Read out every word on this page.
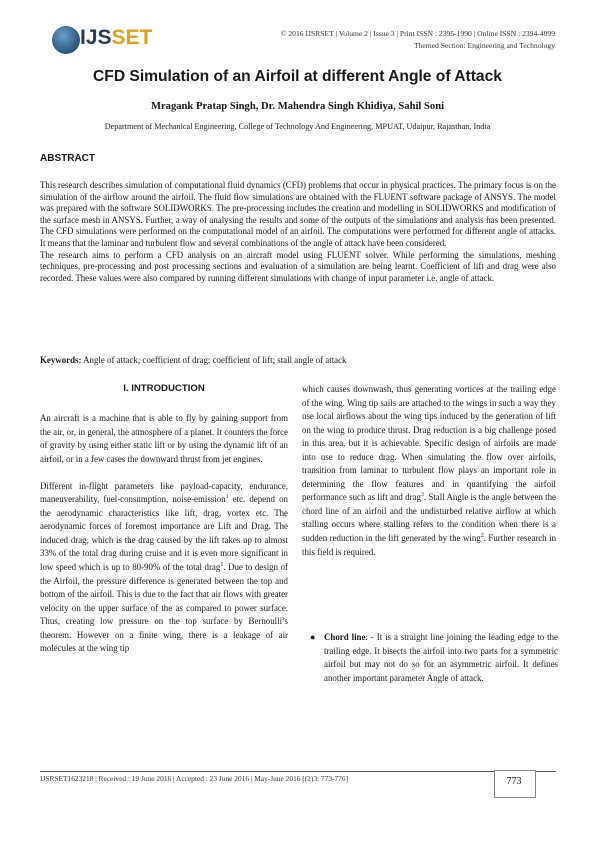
IJSSET	© 2016 IJSRSET | Volume 2 | Issue 3 | Print ISSN : 2395-1990 | Online ISSN : 2394-4099
Themed Section: Engineering and Technology
CFD Simulation of an Airfoil at different Angle of Attack
Mragank Pratap Singh, Dr. Mahendra Singh Khidiya, Sahil Soni
Department of Mechanical Engineering, College of Technology And Engineering, MPUAT, Udaipur, Rajasthan, India
ABSTRACT

This research describes simulation of computational fluid dynamics (CFD) problems that occur in physical practices. The primary focus is on the simulation of the airflow around the airfoil. The fluid flow simulations are obtained with the FLUENT software package of ANSYS. The model was prepared with the software SOLIDWORKS. The pre-processing includes the creation and modelling in SOLIDWORKS and modification of the surface mesh in ANSYS. Further, a way of analysing the results and some of the outputs of the simulations and analysis has been presented. The CFD simulations were performed on the computational model of an airfoil. The computations were performed for different angle of attacks. It means that the laminar and turbulent flow and several combinations of the angle of attack have been considered.

The research aims to perform a CFD analysis on an aircraft model using FLUENT solver. While performing the simulations, meshing techniques, pre-processing and post processing sections and evaluation of a simulation are being learnt. Coefficient of lift and drag were also recorded. These values were also compared by running different simulations with change of input parameter i.e. angle of attack.

Keywords: Angle of attack; coefficient of drag; coefficient of lift; stall angle of attack
I. INTRODUCTION

An aircraft is a machine that is able to fly by gaining support from the air, or, in general, the atmosphere of a planet. It counters the force of gravity by using either static lift or by using the dynamic lift of an airfoil, or in a few cases the downward thrust from jet engines.

Different in-flight parameters like payload-capacity, endurance, maneuverability, fuel-consumption, noise-emission$^1$ etc. depend on the aerodynamic characteristics like lift, drag, vortex etc. The aerodynamic forces of foremost importance are Lift and Drag. The induced drag, which is the drag caused by the lift takes up to almost 33% of the total drag during cruise and it is even more significant in low speed which is up to 80-90% of the total drag$^1$. Due to design of the Airfoil, the pressure difference is generated between the top and bottom of the airfoil. This is due to the fact that air flows with greater velocity on the upper surface of the as compared to power surface. Thus, creating low pressure on the top surface by Bernoulli’s theorem. However on a finite wing, there is a leakage of air molecules at the wing tip

which causes downwash, thus generating vortices at the trailing edge of the wing. Wing tip sails are attached to the wings in such a way they use local airflows about the wing tips induced by the generation of lift on the wing to produce thrust. Drag reduction is a big challenge posed in this area, but it is achievable. Specific design of airfoils are made into use to reduce drag. When simulating the flow over airfoils, transition from laminar to turbulent flow plays an important role in determining the flow features and in quantifying the airfoil performance such as lift and drag$^3$. Stall Angle is the angle between the chord line of an airfoil and the undisturbed relative airflow at which stalling occurs where stalling refers to the condition when there is a sudden reduction in the lift generated by the wing$^2$. Further research in this field is required.

● Chord line: - It is a straight line joining the leading edge to the trailing edge. It bisects the airfoil into two parts for a symmetric airfoil but may not do so for an asymmetric airfoil. It defines another important parameter Angle of attack.
IJSRSET1623218 | Received : 19 June 2016 | Accepted : 23 June 2016 | May-June 2016 [(2)3: 773-776]	773
